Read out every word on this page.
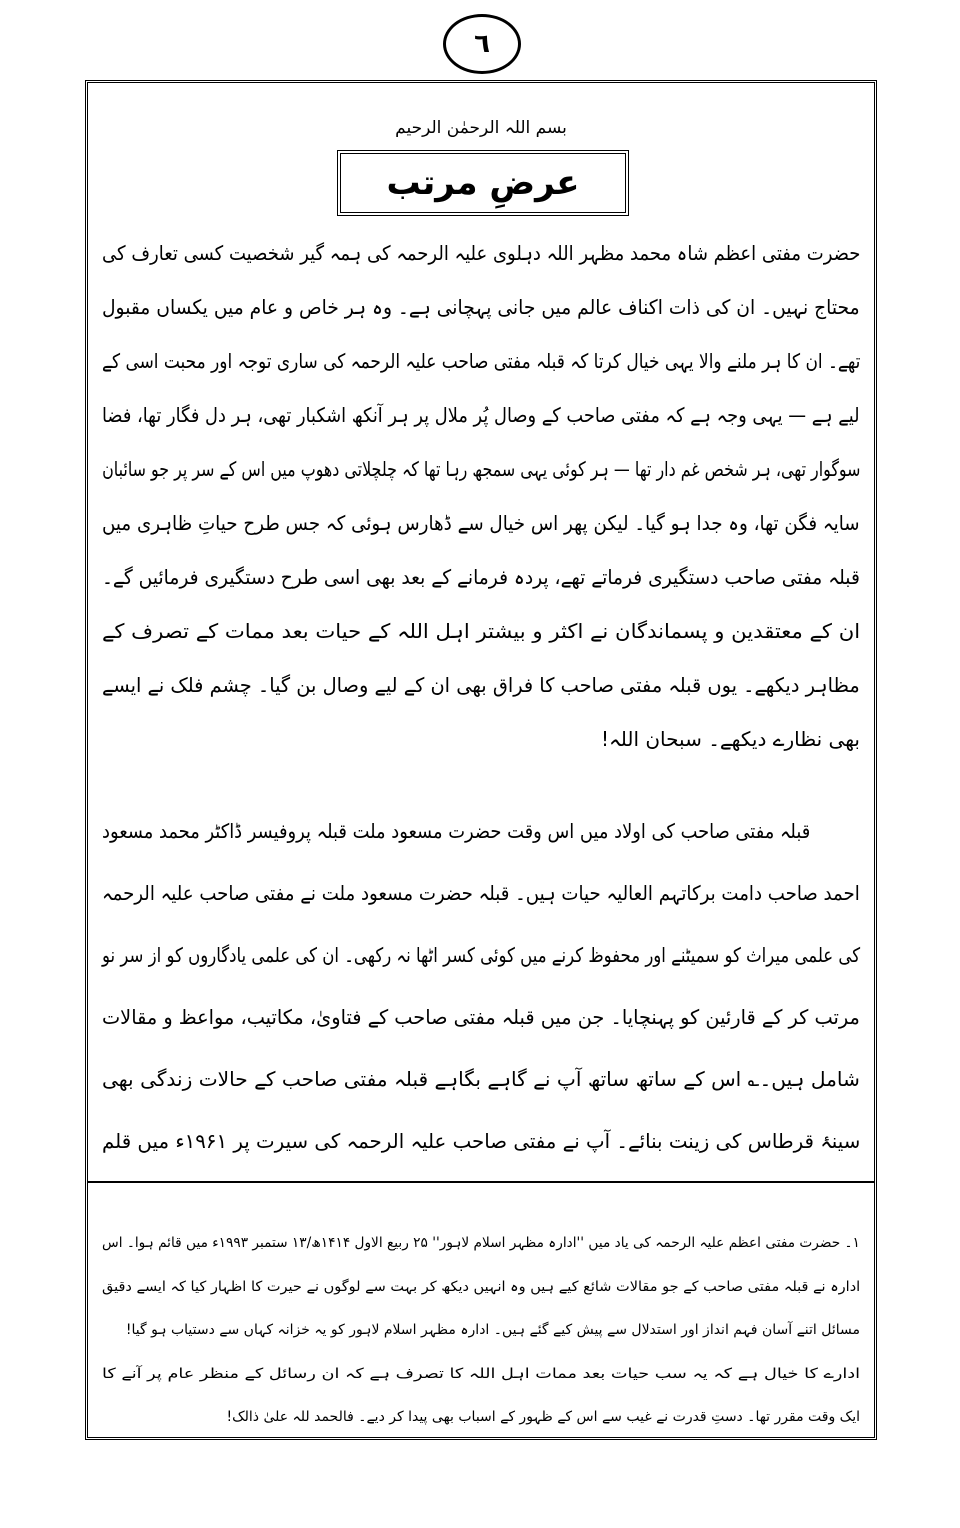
٦
بسم اللہ الرحمٰن الرحیم
عرضِ مرتب
حضرت مفتی اعظم شاہ محمد مظہر اللہ دہلوی علیہ الرحمہ کی ہمہ گیر شخصیت کسی تعارف کی
محتاج نہیں۔ ان کی ذات اکناف عالم میں جانی پہچانی ہے۔ وہ ہر خاص و عام میں یکساں مقبول
تھے۔ ان کا ہر ملنے والا یہی خیال کرتا کہ قبلہ مفتی صاحب علیہ الرحمہ کی ساری توجہ اور محبت اسی کے
لیے ہے — یہی وجہ ہے کہ مفتی صاحب کے وصال پُر ملال پر ہر آنکھ اشکبار تھی، ہر دل فگار تھا، فضا
سوگوار تھی، ہر شخص غم دار تھا — ہر کوئی یہی سمجھ رہا تھا کہ چلچلاتی دھوپ میں اس کے سر پر جو سائبان
سایہ فگن تھا، وہ جدا ہو گیا۔ لیکن پھر اس خیال سے ڈھارس ہوئی کہ جس طرح حیاتِ ظاہری میں
قبلہ مفتی صاحب دستگیری فرماتے تھے، پردہ فرمانے کے بعد بھی اسی طرح دستگیری فرمائیں گے۔
ان کے معتقدین و پسماندگان نے اکثر و بیشتر اہل اللہ کے حیات بعد ممات کے تصرف کے
مظاہر دیکھے۔ یوں قبلہ مفتی صاحب کا فراق بھی ان کے لیے وصال بن گیا۔ چشم فلک نے ایسے
بھی نظارے دیکھے۔ سبحان اللہ!
قبلہ مفتی صاحب کی اولاد میں اس وقت حضرت مسعود ملت قبلہ پروفیسر ڈاکٹر محمد مسعود
احمد صاحب دامت برکاتہم العالیہ حیات ہیں۔ قبلہ حضرت مسعود ملت نے مفتی صاحب علیہ الرحمہ
کی علمی میراث کو سمیٹنے اور محفوظ کرنے میں کوئی کسر اٹھا نہ رکھی۔ ان کی علمی یادگاروں کو از سر نو
مرتب کر کے قارئین کو پہنچایا۔ جن میں قبلہ مفتی صاحب کے فتاویٰ، مکاتیب، مواعظ و مقالات
شامل ہیں۔؎ اس کے ساتھ ساتھ آپ نے گاہے بگاہے قبلہ مفتی صاحب کے حالات زندگی بھی
سینۂ قرطاس کی زینت بنائے۔ آپ نے مفتی صاحب علیہ الرحمہ کی سیرت پر ۱۹۶۱ء میں قلم
۱۔ حضرت مفتی اعظم علیہ الرحمہ کی یاد میں ''ادارہ مظہر اسلام لاہور'' ۲۵ ربیع الاول ۱۴۱۴ھ/۱۳ ستمبر ۱۹۹۳ء میں قائم ہوا۔ اس
ادارہ نے قبلہ مفتی صاحب کے جو مقالات شائع کیے ہیں وہ انہیں دیکھ کر بہت سے لوگوں نے حیرت کا اظہار کیا کہ ایسے دقیق
مسائل اتنے آسان فہم انداز اور استدلال سے پیش کیے گئے ہیں۔ ادارہ مظہر اسلام لاہور کو یہ خزانہ کہاں سے دستیاب ہو گیا!
ادارے کا خیال ہے کہ یہ سب حیات بعد ممات اہل اللہ کا تصرف ہے کہ ان رسائل کے منظر عام پر آنے کا
ایک وقت مقرر تھا۔ دستِ قدرت نے غیب سے اس کے ظہور کے اسباب بھی پیدا کر دیے۔ فالحمد للہ علیٰ ذالک!
